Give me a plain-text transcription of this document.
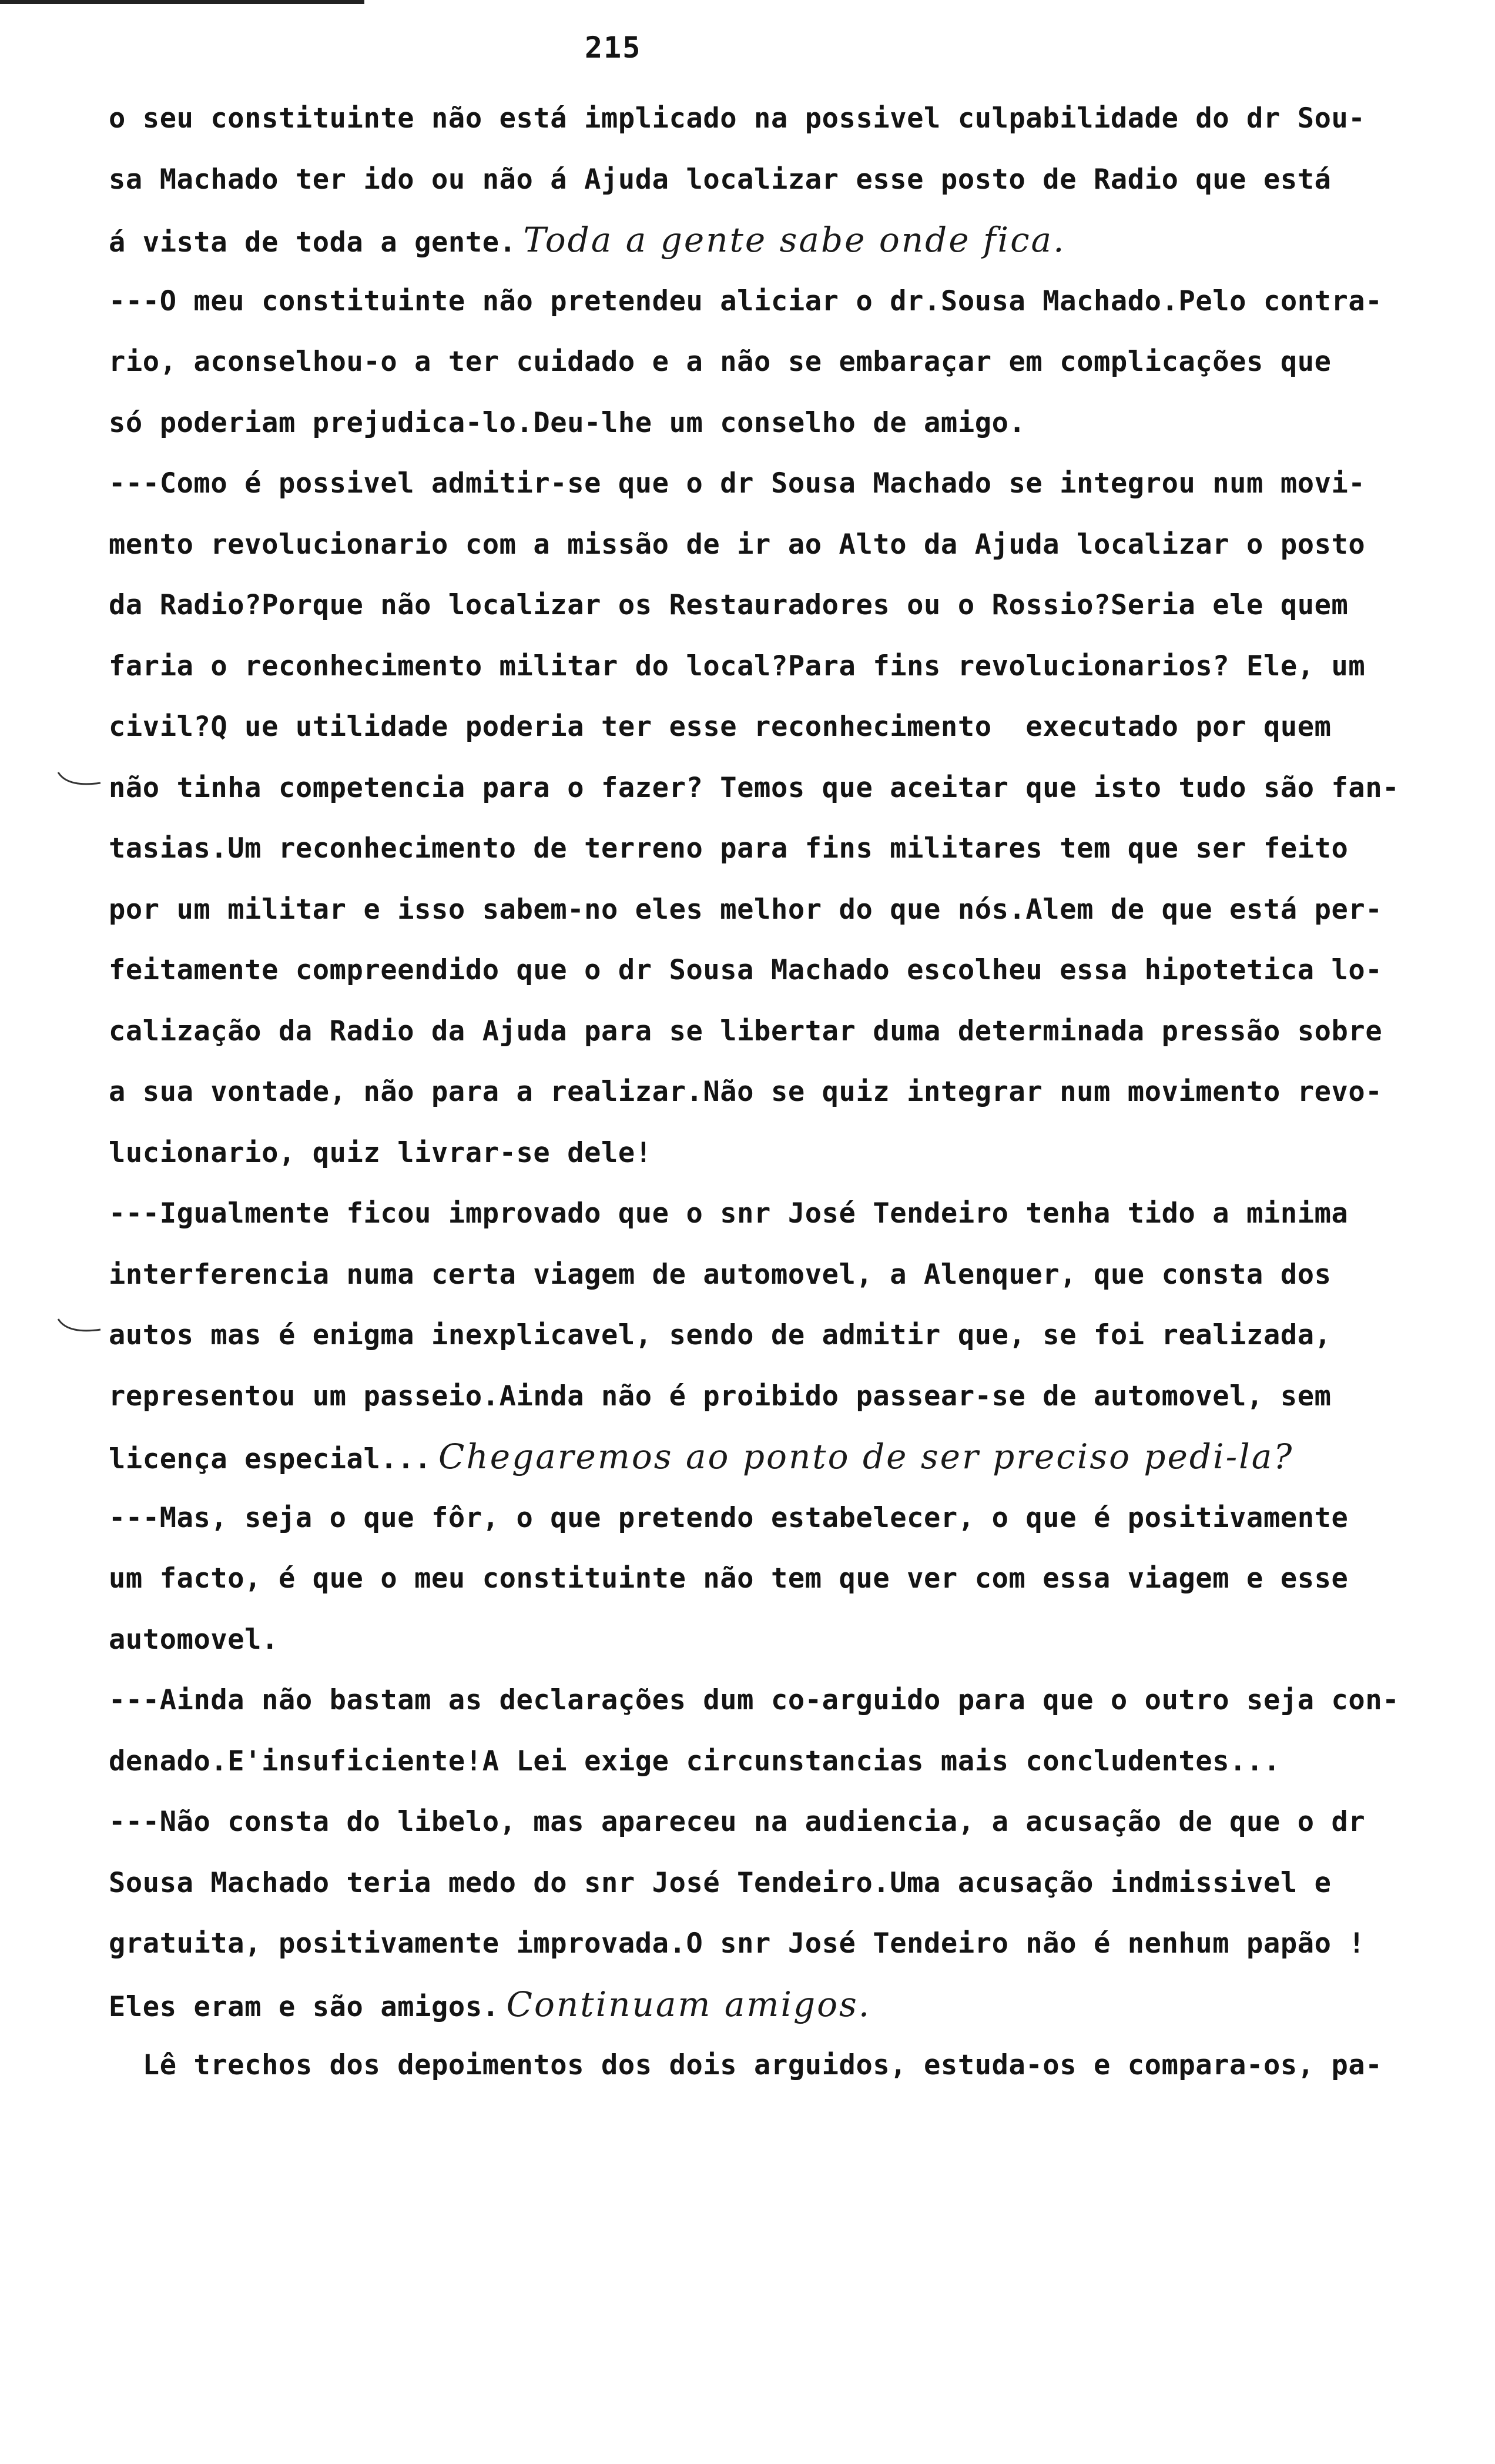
215
o seu constituinte não está implicado na possivel culpabilidade do dr Sou-
sa Machado ter ido ou não á Ajuda localizar esse posto de Radio que está
á vista de toda a gente. Toda a gente sabe onde fica.
---O meu constituinte não pretendeu aliciar o dr.Sousa Machado.Pelo contra-
rio, aconselhou-o a ter cuidado e a não se embaraçar em complicações que
só poderiam prejudica-lo.Deu-lhe um conselho de amigo.
---Como é possivel admitir-se que o dr Sousa Machado se integrou num movi-
mento revolucionario com a missão de ir ao Alto da Ajuda localizar o posto
da Radio?Porque não localizar os Restauradores ou o Rossio?Seria ele quem
faria o reconhecimento militar do local?Para fins revolucionarios? Ele, um
civil?Q ue utilidade poderia ter esse reconhecimento  executado por quem
não tinha competencia para o fazer? Temos que aceitar que isto tudo são fan-
tasias.Um reconhecimento de terreno para fins militares tem que ser feito
por um militar e isso sabem-no eles melhor do que nós.Alem de que está per-
feitamente compreendido que o dr Sousa Machado escolheu essa hipotetica lo-
calização da Radio da Ajuda para se libertar duma determinada pressão sobre
a sua vontade, não para a realizar.Não se quiz integrar num movimento revo-
lucionario, quiz livrar-se dele!
---Igualmente ficou improvado que o snr José Tendeiro tenha tido a minima
interferencia numa certa viagem de automovel, a Alenquer, que consta dos
autos mas é enigma inexplicavel, sendo de admitir que, se foi realizada,
representou um passeio.Ainda não é proibido passear-se de automovel, sem
licença especial... Chegaremos ao ponto de ser preciso pedi-la?
---Mas, seja o que fôr, o que pretendo estabelecer, o que é positivamente
um facto, é que o meu constituinte não tem que ver com essa viagem e esse
automovel.
---Ainda não bastam as declarações dum co-arguido para que o outro seja con-
denado.E'insuficiente!A Lei exige circunstancias mais concludentes...
---Não consta do libelo, mas apareceu na audiencia, a acusação de que o dr
Sousa Machado teria medo do snr José Tendeiro.Uma acusação indmissivel e
gratuita, positivamente improvada.O snr José Tendeiro não é nenhum papão !
Eles eram e são amigos. Continuam amigos.
Lê trechos dos depoimentos dos dois arguidos, estuda-os e compara-os, pa-
